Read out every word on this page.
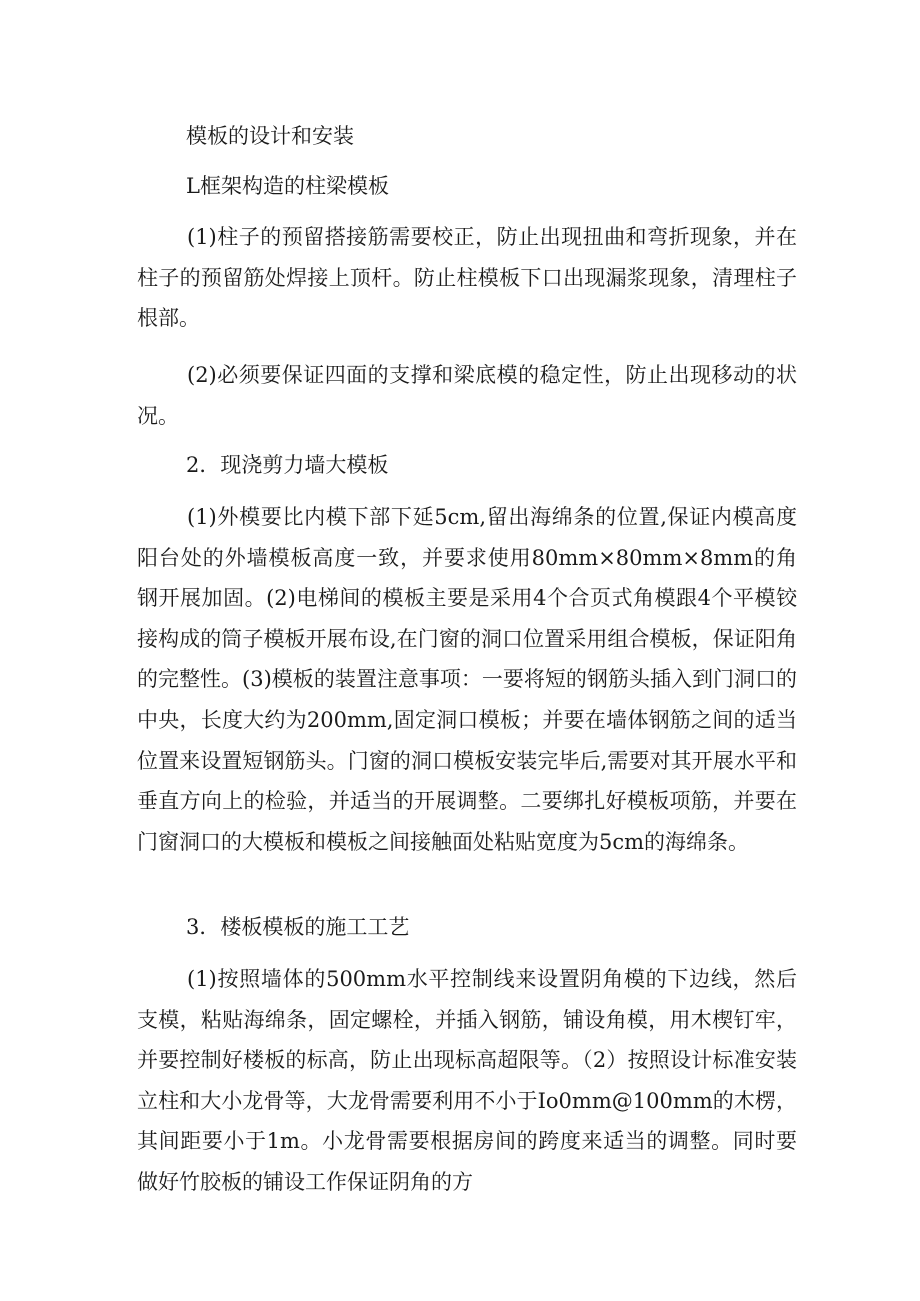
模板的设计和安装
L框架构造的柱梁模板

(1)柱子的预留搭接筋需要校正，防止出现扭曲和弯折现象，并在柱子的预留筋处焊接上顶杆。防止柱模板下口出现漏浆现象，清理柱子根部。

(2)必须要保证四面的支撑和梁底模的稳定性，防止出现移动的状况。

2．现浇剪力墙大模板

(1)外模要比内模下部下延5cm,留出海绵条的位置,保证内模高度阳台处的外墙模板高度一致，并要求使用80mm×80mm×8mm的角钢开展加固。(2)电梯间的模板主要是采用4个合页式角模跟4个平模铰接构成的筒子模板开展布设,在门窗的洞口位置采用组合模板，保证阳角的完整性。(3)模板的装置注意事项：一要将短的钢筋头插入到门洞口的中央，长度大约为200mm,固定洞口模板；并要在墙体钢筋之间的适当位置来设置短钢筋头。门窗的洞口模板安装完毕后,需要对其开展水平和垂直方向上的检验，并适当的开展调整。二要绑扎好模板项筋，并要在门窗洞口的大模板和模板之间接触面处粘贴宽度为5cm的海绵条。

3．楼板模板的施工工艺

(1)按照墙体的500mm水平控制线来设置阴角模的下边线，然后支模，粘贴海绵条，固定螺栓，并插入钢筋，铺设角模，用木楔钉牢，并要控制好楼板的标高，防止出现标高超限等。（2）按照设计标准安装立柱和大小龙骨等，大龙骨需要利用不小于Io0mm@100mm的木楞，其间距要小于1m。小龙骨需要根据房间的跨度来适当的调整。同时要做好竹胶板的铺设工作保证阴角的方
